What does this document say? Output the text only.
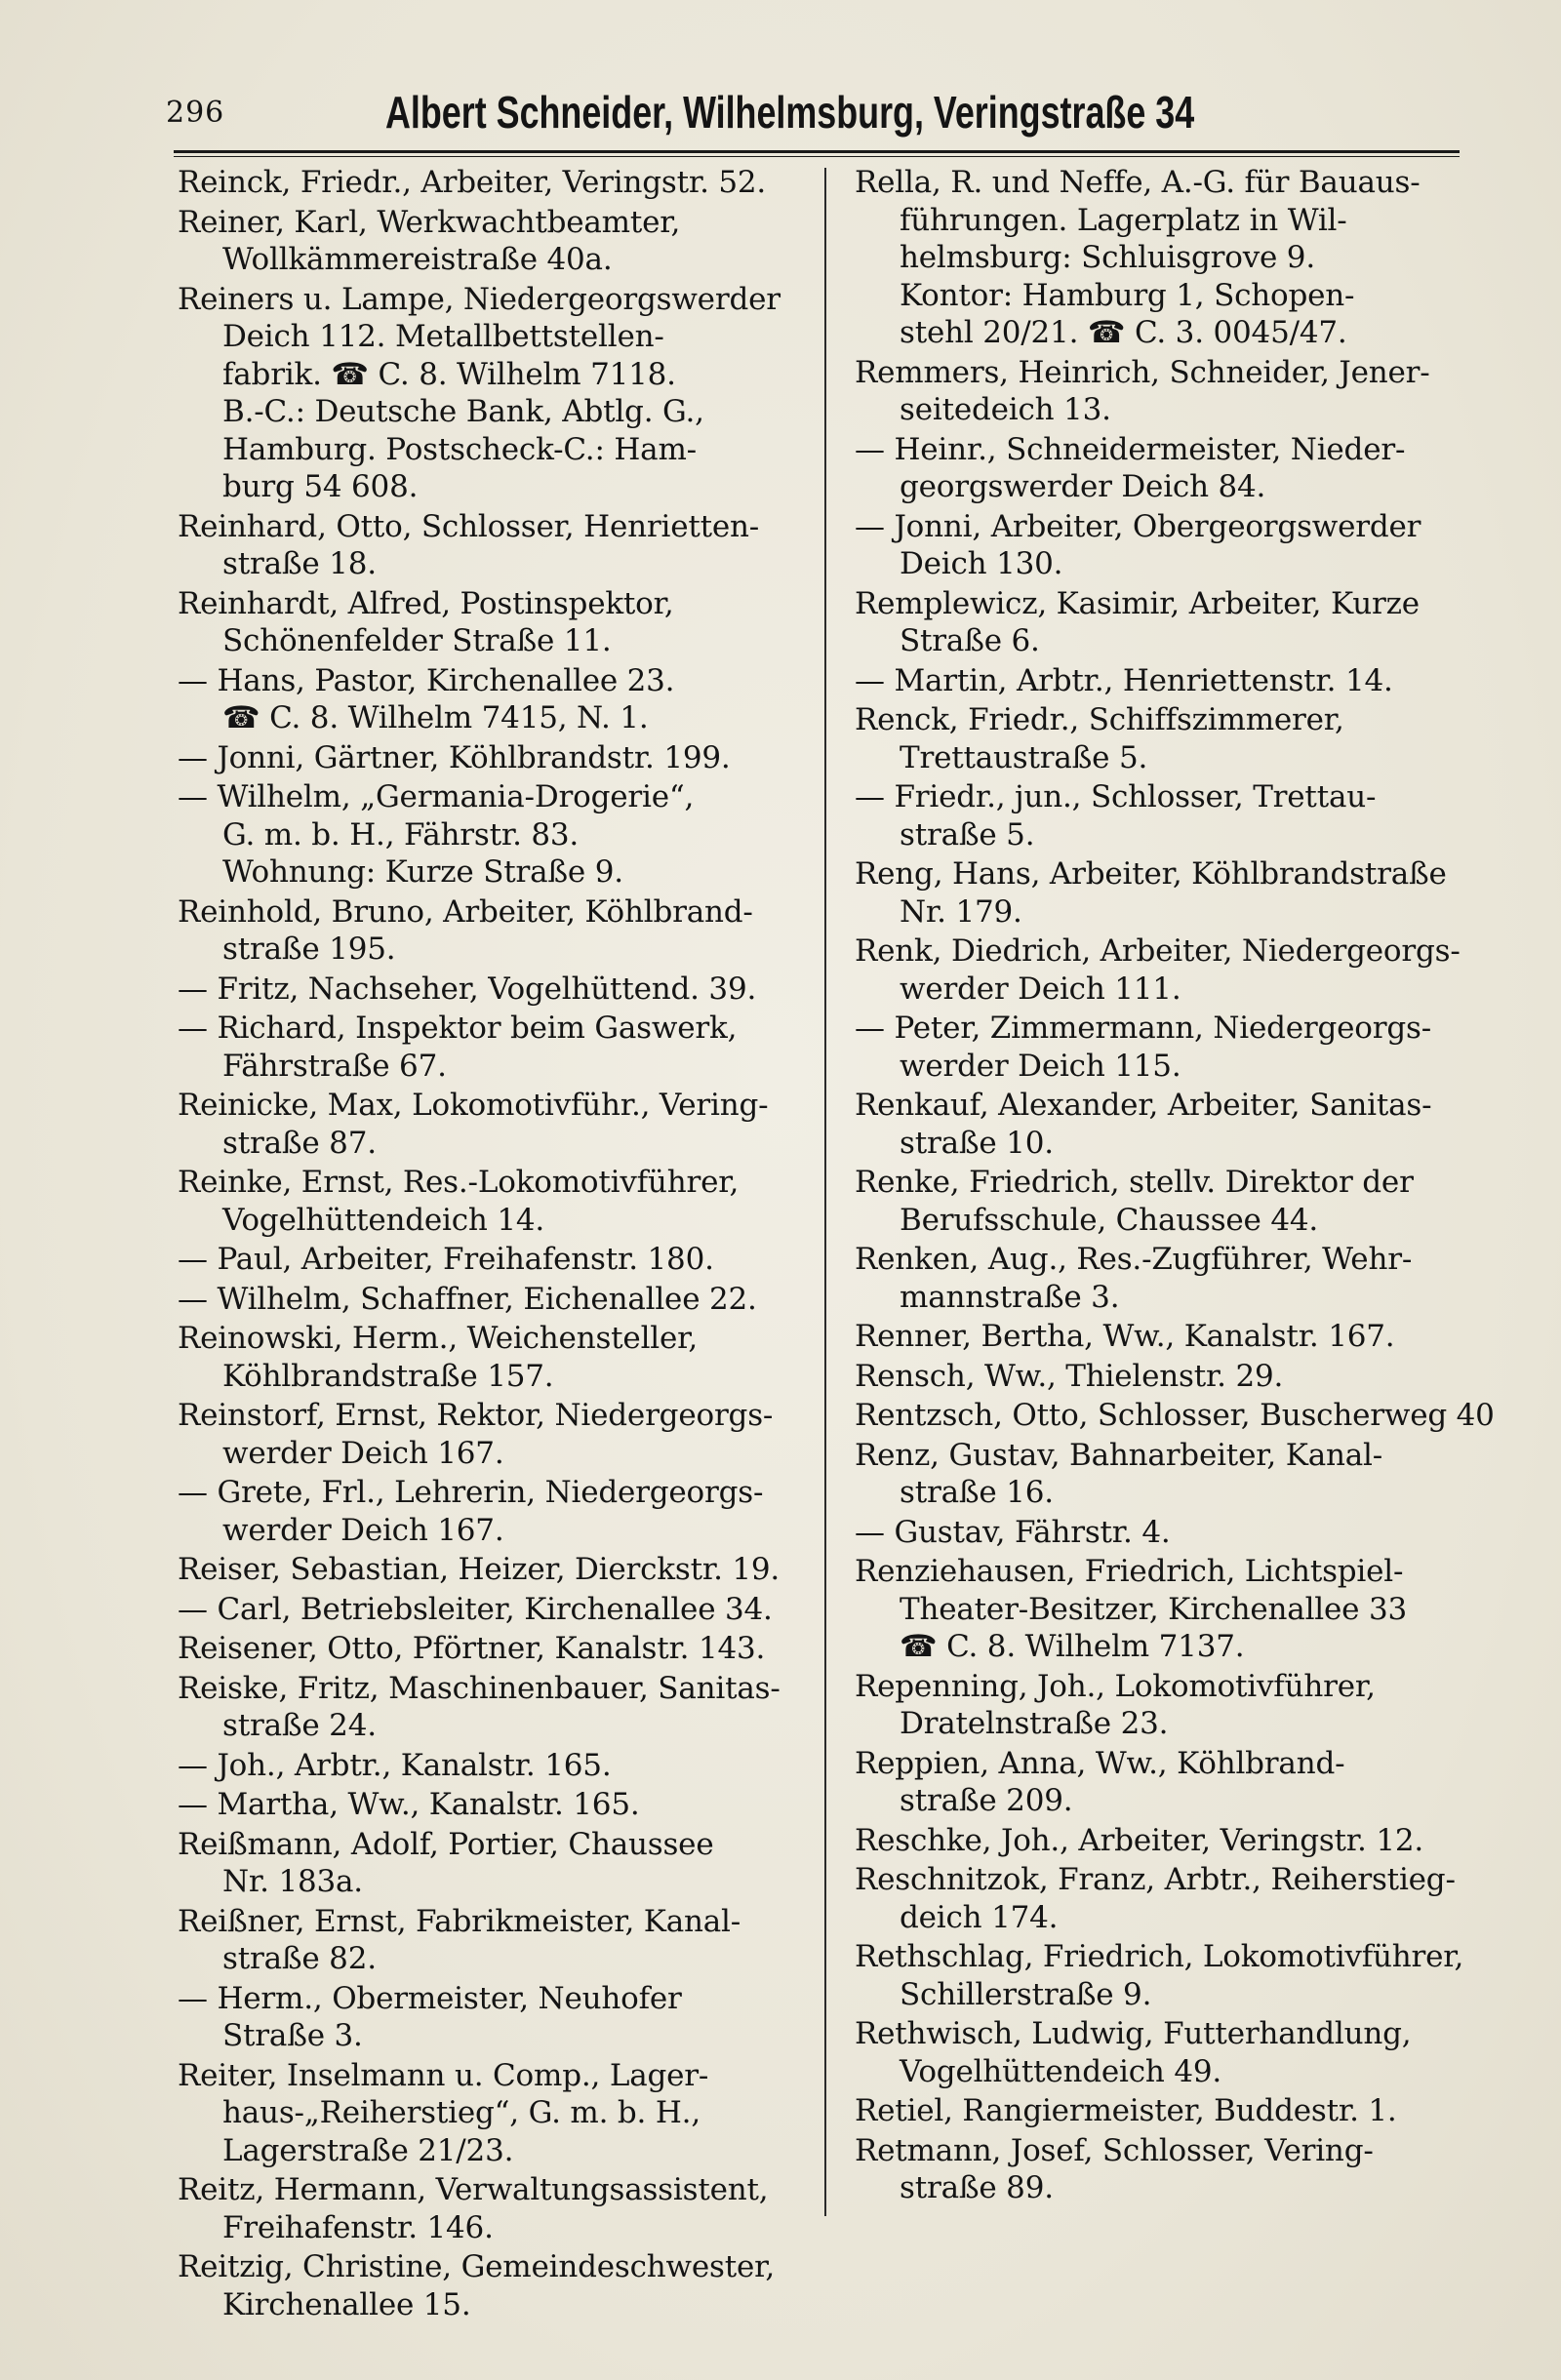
296	Albert Schneider, Wilhelmsburg, Veringstraße 34
Reinck, Friedr., Arbeiter, Veringstr. 52.
Reiner, Karl, Werkwachtbeamter,
Wollkämmereistraße 40a.
Reiners u. Lampe, Niedergeorgswerder
Deich 112. Metallbettstellen-
fabrik. ☎ C. 8. Wilhelm 7118.
B.-C.: Deutsche Bank, Abtlg. G.,
Hamburg. Postscheck-C.: Ham-
burg 54 608.
Reinhard, Otto, Schlosser, Henrietten-
straße 18.
Reinhardt, Alfred, Postinspektor,
Schönenfelder Straße 11.
— Hans, Pastor, Kirchenallee 23.
☎ C. 8. Wilhelm 7415, N. 1.
— Jonni, Gärtner, Köhlbrandstr. 199.
— Wilhelm, „Germania-Drogerie“,
G. m. b. H., Fährstr. 83.
Wohnung: Kurze Straße 9.
Reinhold, Bruno, Arbeiter, Köhlbrand-
straße 195.
— Fritz, Nachseher, Vogelhüttend. 39.
— Richard, Inspektor beim Gaswerk,
Fährstraße 67.
Reinicke, Max, Lokomotivführ., Vering-
straße 87.
Reinke, Ernst, Res.-Lokomotivführer,
Vogelhüttendeich 14.
— Paul, Arbeiter, Freihafenstr. 180.
— Wilhelm, Schaffner, Eichenallee 22.
Reinowski, Herm., Weichensteller,
Köhlbrandstraße 157.
Reinstorf, Ernst, Rektor, Niedergeorgs-
werder Deich 167.
— Grete, Frl., Lehrerin, Niedergeorgs-
werder Deich 167.
Reiser, Sebastian, Heizer, Dierckstr. 19.
— Carl, Betriebsleiter, Kirchenallee 34.
Reisener, Otto, Pförtner, Kanalstr. 143.
Reiske, Fritz, Maschinenbauer, Sanitas-
straße 24.
— Joh., Arbtr., Kanalstr. 165.
— Martha, Ww., Kanalstr. 165.
Reißmann, Adolf, Portier, Chaussee
Nr. 183a.
Reißner, Ernst, Fabrikmeister, Kanal-
straße 82.
— Herm., Obermeister, Neuhofer
Straße 3.
Reiter, Inselmann u. Comp., Lager-
haus-„Reiherstieg“, G. m. b. H.,
Lagerstraße 21/23.
Reitz, Hermann, Verwaltungsassistent,
Freihafenstr. 146.
Reitzig, Christine, Gemeindeschwester,
Kirchenallee 15.
Rella, R. und Neffe, A.-G. für Bauaus-
führungen. Lagerplatz in Wil-
helmsburg: Schluisgrove 9.
Kontor: Hamburg 1, Schopen-
stehl 20/21. ☎ C. 3. 0045/47.
Remmers, Heinrich, Schneider, Jener-
seitedeich 13.
— Heinr., Schneidermeister, Nieder-
georgswerder Deich 84.
— Jonni, Arbeiter, Obergeorgswerder
Deich 130.
Remplewicz, Kasimir, Arbeiter, Kurze
Straße 6.
— Martin, Arbtr., Henriettenstr. 14.
Renck, Friedr., Schiffszimmerer,
Trettaustraße 5.
— Friedr., jun., Schlosser, Trettau-
straße 5.
Reng, Hans, Arbeiter, Köhlbrandstraße
Nr. 179.
Renk, Diedrich, Arbeiter, Niedergeorgs-
werder Deich 111.
— Peter, Zimmermann, Niedergeorgs-
werder Deich 115.
Renkauf, Alexander, Arbeiter, Sanitas-
straße 10.
Renke, Friedrich, stellv. Direktor der
Berufsschule, Chaussee 44.
Renken, Aug., Res.-Zugführer, Wehr-
mannstraße 3.
Renner, Bertha, Ww., Kanalstr. 167.
Rensch, Ww., Thielenstr. 29.
Rentzsch, Otto, Schlosser, Buscherweg 40
Renz, Gustav, Bahnarbeiter, Kanal-
straße 16.
— Gustav, Fährstr. 4.
Renziehausen, Friedrich, Lichtspiel-
Theater-Besitzer, Kirchenallee 33
☎ C. 8. Wilhelm 7137.
Repenning, Joh., Lokomotivführer,
Dratelnstraße 23.
Reppien, Anna, Ww., Köhlbrand-
straße 209.
Reschke, Joh., Arbeiter, Veringstr. 12.
Reschnitzok, Franz, Arbtr., Reiherstieg-
deich 174.
Rethschlag, Friedrich, Lokomotivführer,
Schillerstraße 9.
Rethwisch, Ludwig, Futterhandlung,
Vogelhüttendeich 49.
Retiel, Rangiermeister, Buddestr. 1.
Retmann, Josef, Schlosser, Vering-
straße 89.
